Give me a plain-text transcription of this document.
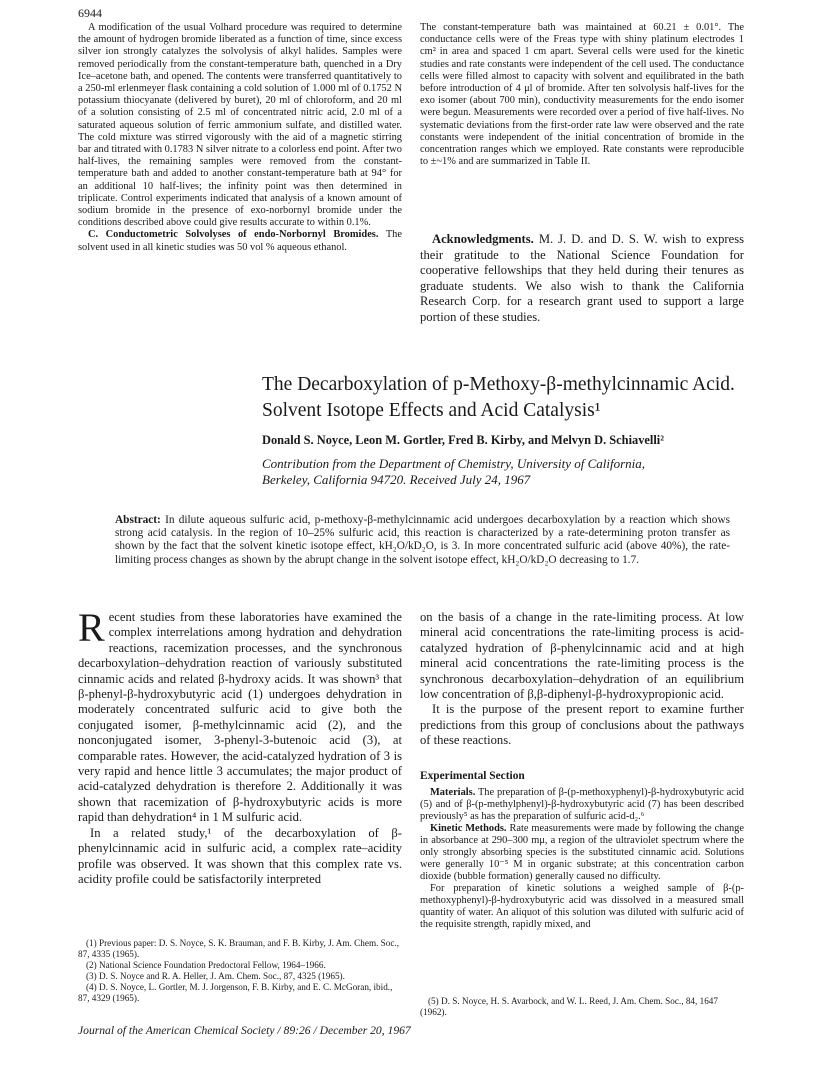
6944

A modification of the usual Volhard procedure was required to determine the amount of hydrogen bromide liberated as a function of time, since excess silver ion strongly catalyzes the solvolysis of alkyl halides. Samples were removed periodically from the constant-temperature bath, quenched in a Dry Ice–acetone bath, and opened. The contents were transferred quantitatively to a 250-ml erlenmeyer flask containing a cold solution of 1.000 ml of 0.1752 N potassium thiocyanate (delivered by buret), 20 ml of chloroform, and 20 ml of a solution consisting of 2.5 ml of concentrated nitric acid, 2.0 ml of a saturated aqueous solution of ferric ammonium sulfate, and distilled water. The cold mixture was stirred vigorously with the aid of a magnetic stirring bar and titrated with 0.1783 N silver nitrate to a colorless end point. After two half-lives, the remaining samples were removed from the constant-temperature bath and added to another constant-temperature bath at 94° for an additional 10 half-lives; the infinity point was then determined in triplicate. Control experiments indicated that analysis of a known amount of sodium bromide in the presence of exo-norbornyl bromide under the conditions described above could give results accurate to within 0.1%.

C. Conductometric Solvolyses of endo-Norbornyl Bromides. The solvent used in all kinetic studies was 50 vol % aqueous ethanol.

The constant-temperature bath was maintained at 60.21 ± 0.01°. The conductance cells were of the Freas type with shiny platinum electrodes 1 cm² in area and spaced 1 cm apart. Several cells were used for the kinetic studies and rate constants were independent of the cell used. The conductance cells were filled almost to capacity with solvent and equilibrated in the bath before introduction of 4 μl of bromide. After ten solvolysis half-lives for the exo isomer (about 700 min), conductivity measurements for the endo isomer were begun. Measurements were recorded over a period of five half-lives. No systematic deviations from the first-order rate law were observed and the rate constants were independent of the initial concentration of bromide in the concentration ranges which we employed. Rate constants were reproducible to ±~1% and are summarized in Table II.

Acknowledgments. M. J. D. and D. S. W. wish to express their gratitude to the National Science Foundation for cooperative fellowships that they held during their tenures as graduate students. We also wish to thank the California Research Corp. for a research grant used to support a large portion of these studies.

The Decarboxylation of p-Methoxy-β-methylcinnamic Acid.
Solvent Isotope Effects and Acid Catalysis¹
Donald S. Noyce, Leon M. Gortler, Fred B. Kirby, and Melvyn D. Schiavelli²
Contribution from the Department of Chemistry, University of California,
Berkeley, California 94720. Received July 24, 1967
Abstract: In dilute aqueous sulfuric acid, p-methoxy-β-methylcinnamic acid undergoes decarboxylation by a reaction which shows strong acid catalysis. In the region of 10–25% sulfuric acid, this reaction is characterized by a rate-determining proton transfer as shown by the fact that the solvent kinetic isotope effect, kH₂O/kD₂O, is 3. In more concentrated sulfuric acid (above 40%), the rate-limiting process changes as shown by the abrupt change in the solvent isotope effect, kH₂O/kD₂O decreasing to 1.7.

Recent studies from these laboratories have examined the complex interrelations among hydration and dehydration reactions, racemization processes, and the synchronous decarboxylation–dehydration reaction of variously substituted cinnamic acids and related β-hydroxy acids. It was shown³ that β-phenyl-β-hydroxybutyric acid (1) undergoes dehydration in moderately concentrated sulfuric acid to give both the conjugated isomer, β-methylcinnamic acid (2), and the nonconjugated isomer, 3-phenyl-3-butenoic acid (3), at comparable rates. However, the acid-catalyzed hydration of 3 is very rapid and hence little 3 accumulates; the major product of acid-catalyzed dehydration is therefore 2. Additionally it was shown that racemization of β-hydroxybutyric acids is more rapid than dehydration⁴ in 1 M sulfuric acid.

In a related study,¹ of the decarboxylation of β-phenylcinnamic acid in sulfuric acid, a complex rate–acidity profile was observed. It was shown that this complex rate vs. acidity profile could be satisfactorily interpreted

(1) Previous paper: D. S. Noyce, S. K. Brauman, and F. B. Kirby, J. Am. Chem. Soc., 87, 4335 (1965).

(2) National Science Foundation Predoctoral Fellow, 1964–1966.

(3) D. S. Noyce and R. A. Heller, J. Am. Chem. Soc., 87, 4325 (1965).

(4) D. S. Noyce, L. Gortler, M. J. Jorgenson, F. B. Kirby, and E. C. McGoran, ibid., 87, 4329 (1965).

on the basis of a change in the rate-limiting process. At low mineral acid concentrations the rate-limiting process is acid-catalyzed hydration of β-phenylcinnamic acid and at high mineral acid concentrations the rate-limiting process is the synchronous decarboxylation–dehydration of an equilibrium low concentration of β,β-diphenyl-β-hydroxypropionic acid.

It is the purpose of the present report to examine further predictions from this group of conclusions about the pathways of these reactions.

Experimental Section

Materials. The preparation of β-(p-methoxyphenyl)-β-hydroxybutyric acid (5) and of β-(p-methylphenyl)-β-hydroxybutyric acid (7) has been described previously⁵ as has the preparation of sulfuric acid-d₂.⁶

Kinetic Methods. Rate measurements were made by following the change in absorbance at 290–300 mμ, a region of the ultraviolet spectrum where the only strongly absorbing species is the substituted cinnamic acid. Solutions were generally 10⁻⁵ M in organic substrate; at this concentration carbon dioxide (bubble formation) generally caused no difficulty.

For preparation of kinetic solutions a weighed sample of β-(p-methoxyphenyl)-β-hydroxybutyric acid was dissolved in a measured small quantity of water. An aliquot of this solution was diluted with sulfuric acid of the requisite strength, rapidly mixed, and

(5) D. S. Noyce, H. S. Avarbock, and W. L. Reed, J. Am. Chem. Soc., 84, 1647 (1962).

Journal of the American Chemical Society / 89:26 / December 20, 1967
